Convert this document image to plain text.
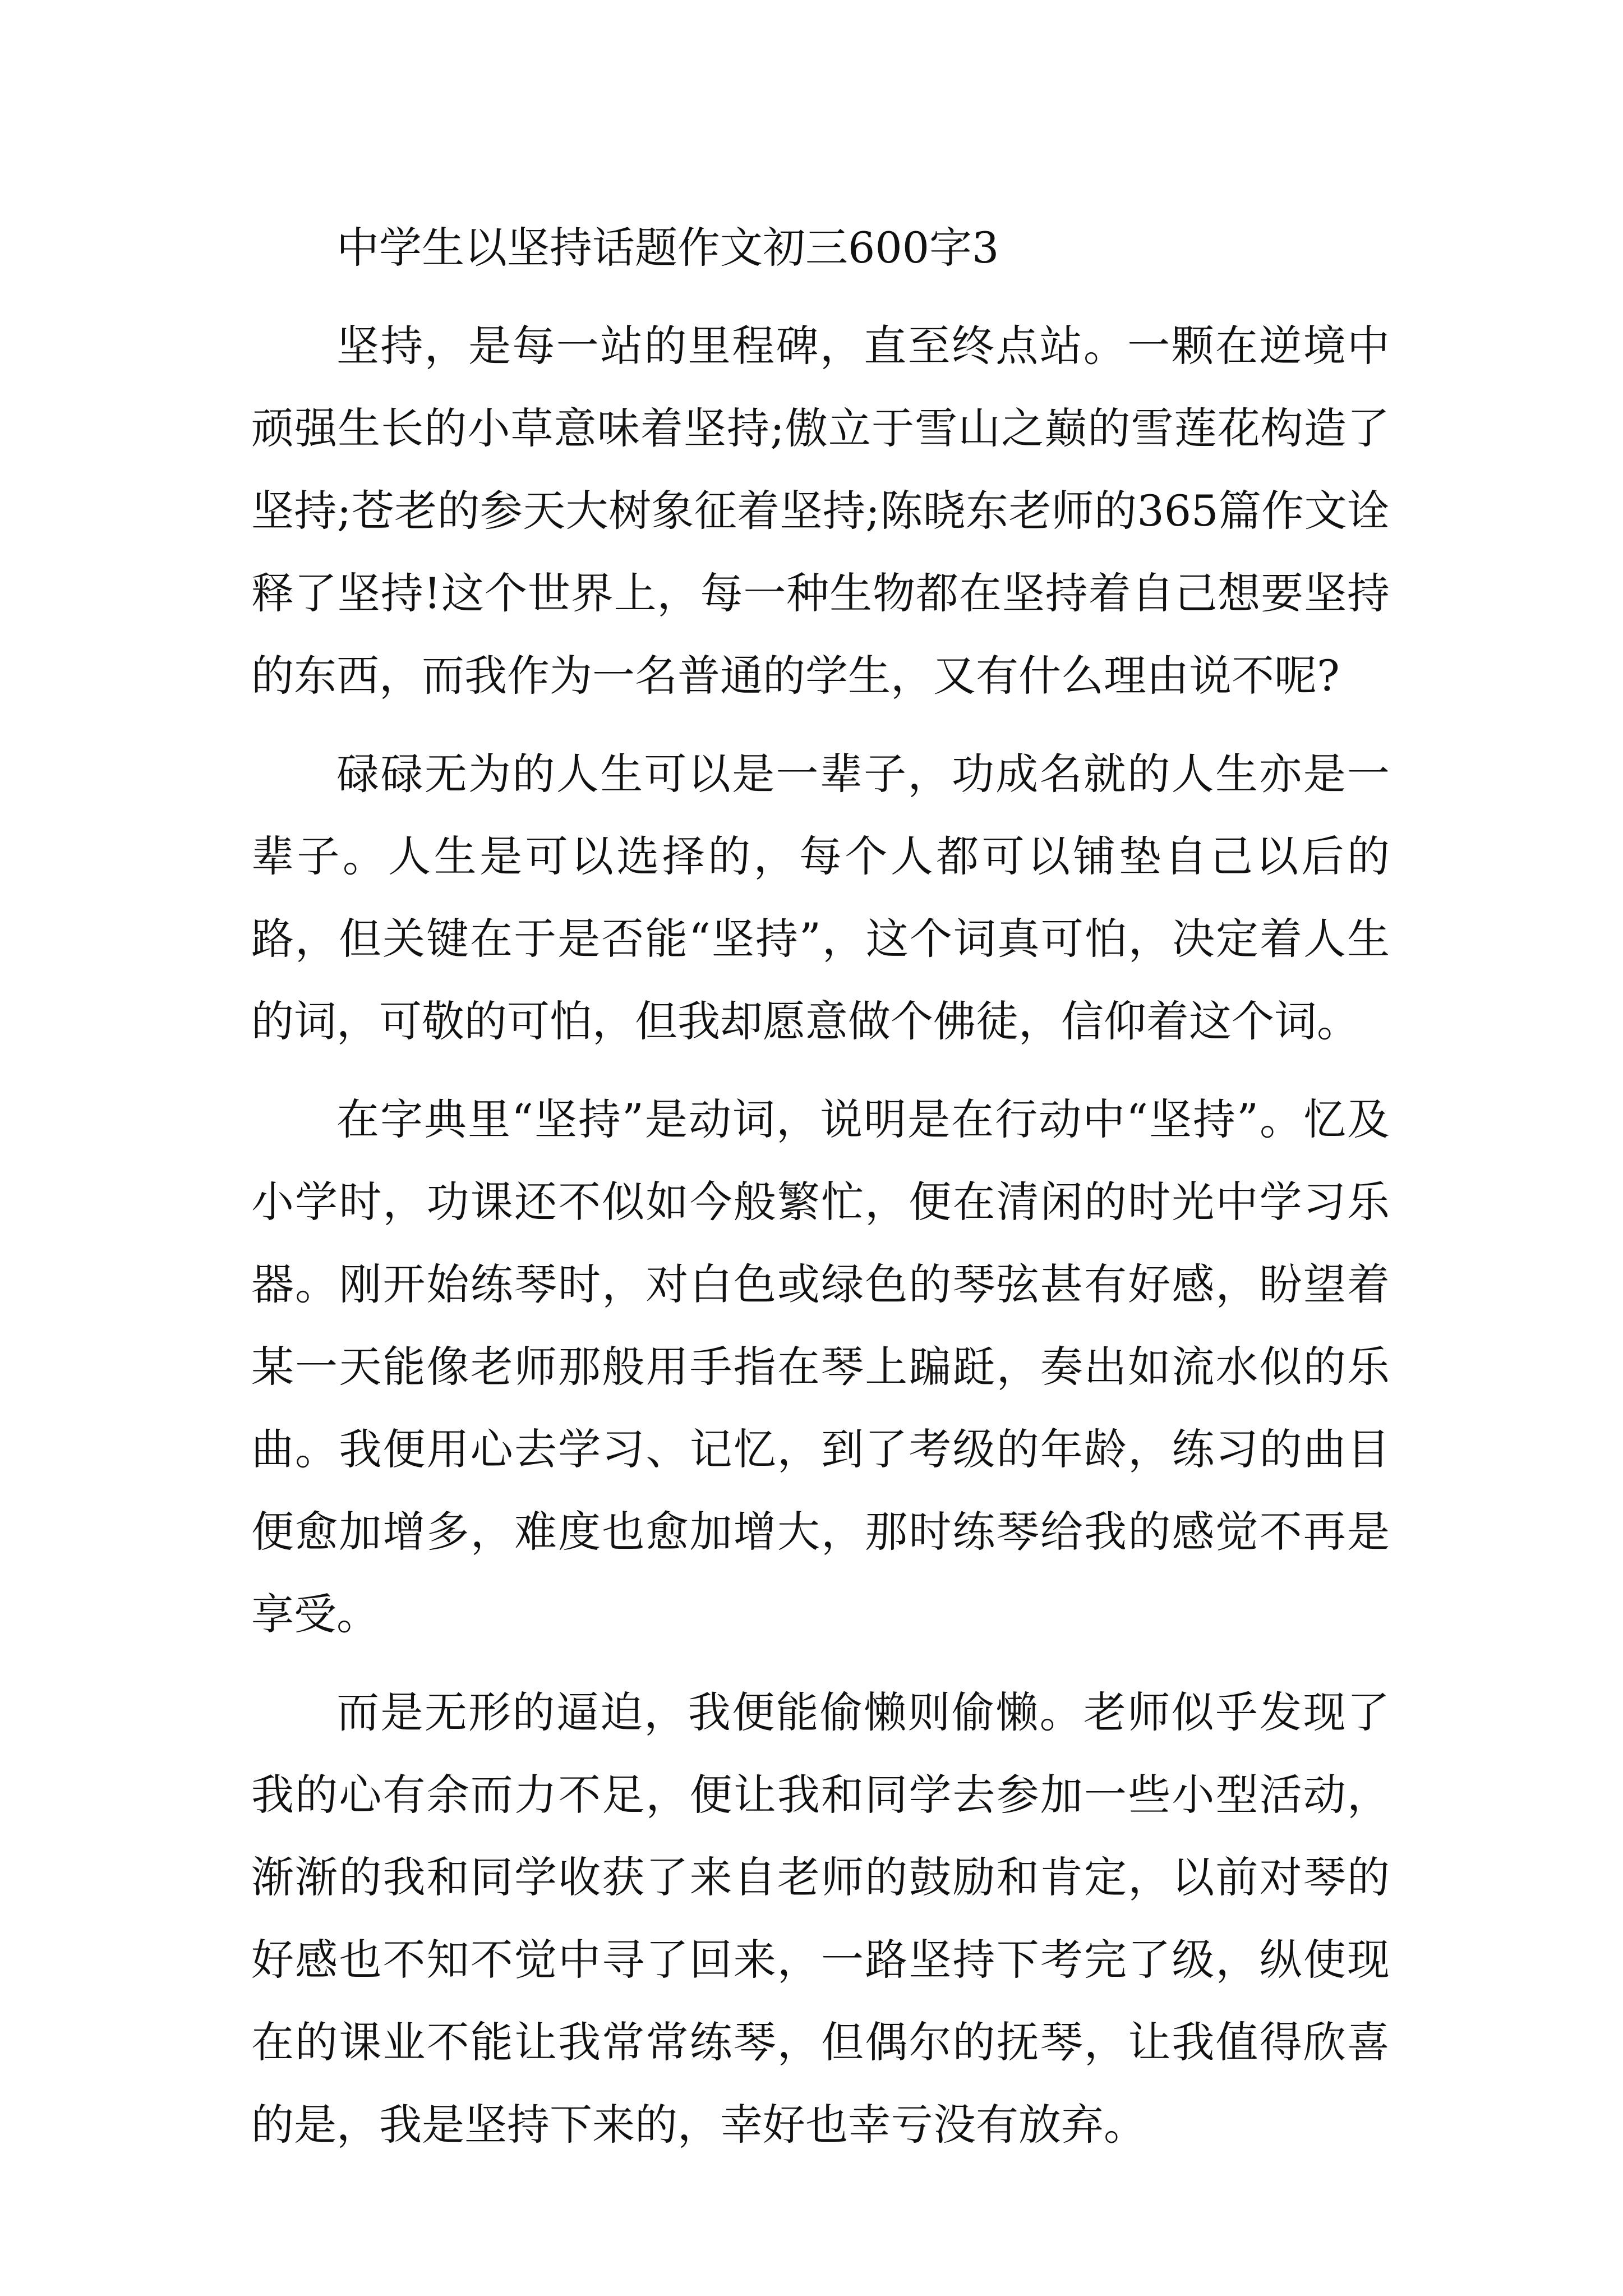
中学生以坚持话题作文初三600字3

坚持，是每一站的里程碑，直至终点站。一颗在逆境中顽强生长的小草意味着坚持;傲立于雪山之巅的雪莲花构造了坚持;苍老的参天大树象征着坚持;陈晓东老师的365篇作文诠释了坚持!这个世界上，每一种生物都在坚持着自己想要坚持的东西，而我作为一名普通的学生，又有什么理由说不呢?

碌碌无为的人生可以是一辈子，功成名就的人生亦是一辈子。人生是可以选择的，每个人都可以铺垫自己以后的路，但关键在于是否能“坚持”，这个词真可怕，决定着人生的词，可敬的可怕，但我却愿意做个佛徒，信仰着这个词。

在字典里“坚持”是动词，说明是在行动中“坚持”。忆及小学时，功课还不似如今般繁忙，便在清闲的时光中学习乐器。刚开始练琴时，对白色或绿色的琴弦甚有好感，盼望着某一天能像老师那般用手指在琴上蹁跹，奏出如流水似的乐曲。我便用心去学习、记忆，到了考级的年龄，练习的曲目便愈加增多，难度也愈加增大，那时练琴给我的感觉不再是享受。

而是无形的逼迫，我便能偷懒则偷懒。老师似乎发现了我的心有余而力不足，便让我和同学去参加一些小型活动，渐渐的我和同学收获了来自老师的鼓励和肯定，以前对琴的好感也不知不觉中寻了回来，一路坚持下考完了级，纵使现在的课业不能让我常常练琴，但偶尔的抚琴，让我值得欣喜的是，我是坚持下来的，幸好也幸亏没有放弃。
